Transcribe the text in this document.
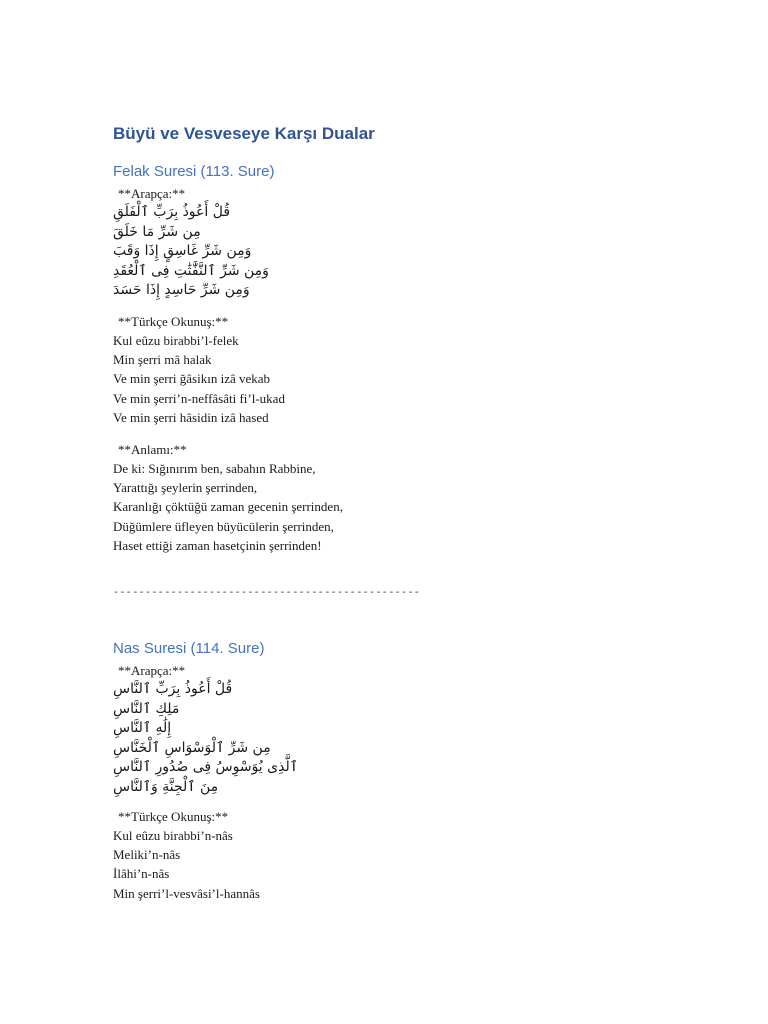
Büyü ve Vesveseye Karşı Dualar
Felak Suresi (113. Sure)
**Arapça:**
قُلْ أَعُوذُ بِرَبِّ ٱلْفَلَقِ
مِن شَرِّ مَا خَلَقَ
وَمِن شَرِّ غَاسِقٍ إِذَا وَقَبَ
وَمِن شَرِّ ٱلنَّفَّٰثَٰتِ فِى ٱلْعُقَدِ
وَمِن شَرِّ حَاسِدٍ إِذَا حَسَدَ
**Türkçe Okunuş:**
Kul eûzu birabbi’l-felek
Min şerri mâ halak
Ve min şerri ğâsikın izâ vekab
Ve min şerri’n-neffâsâti fi’l-ukad
Ve min şerri hâsidin izâ hased
**Anlamı:**
De ki: Sığınırım ben, sabahın Rabbine,
Yarattığı şeylerin şerrinden,
Karanlığı çöktüğü zaman gecenin şerrinden,
Düğümlere üfleyen büyücülerin şerrinden,
Haset ettiği zaman hasetçinin şerrinden!
------------------------------------------------
Nas Suresi (114. Sure)
**Arapça:**
قُلْ أَعُوذُ بِرَبِّ ٱلنَّاسِ
مَلِكِ ٱلنَّاسِ
إِلَٰهِ ٱلنَّاسِ
مِن شَرِّ ٱلْوَسْوَاسِ ٱلْخَنَّاسِ
ٱلَّذِى يُوَسْوِسُ فِى صُدُورِ ٱلنَّاسِ
مِنَ ٱلْجِنَّةِ وَٱلنَّاسِ
**Türkçe Okunuş:**
Kul eûzu birabbi’n-nâs
Meliki’n-nâs
İlâhi’n-nâs
Min şerri’l-vesvâsi’l-hannâs
